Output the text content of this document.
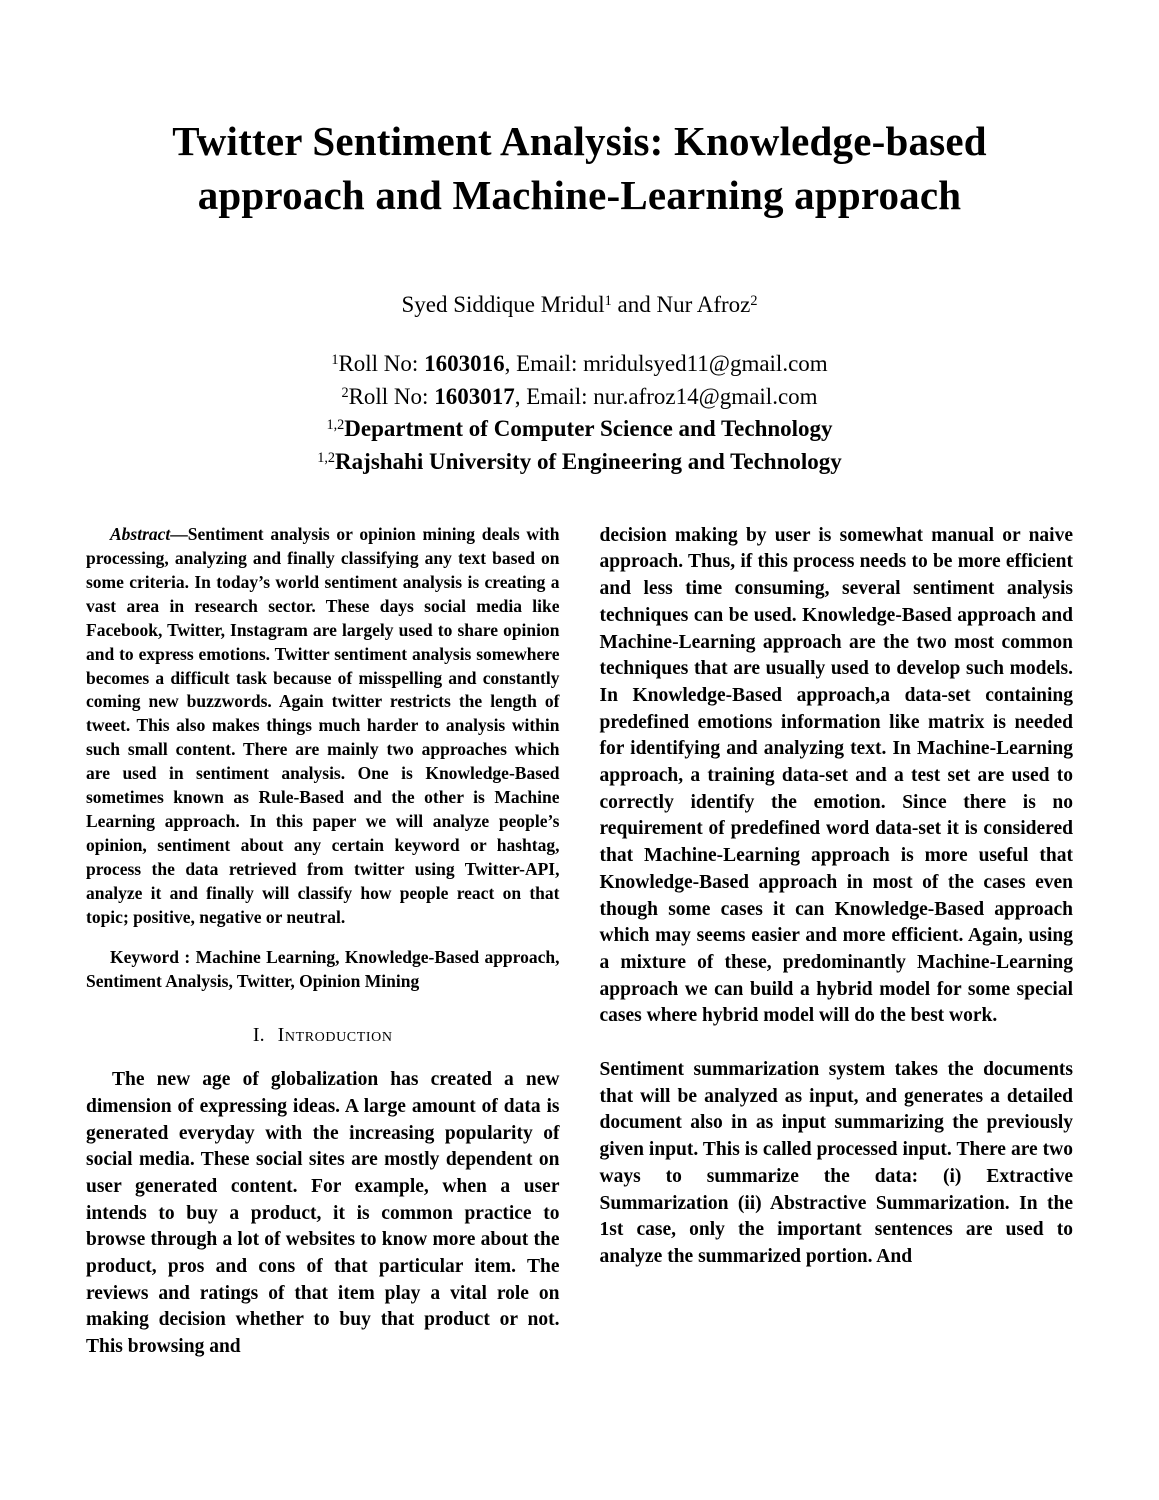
Twitter Sentiment Analysis: Knowledge-based
approach and Machine-Learning approach
Syed Siddique Mridul$^1$ and Nur Afroz$^2$
$^1$Roll No: 1603016, Email: mridulsyed11@gmail.com
$^2$Roll No: 1603017, Email: nur.afroz14@gmail.com
$^{1,2}$Department of Computer Science and Technology
$^{1,2}$Rajshahi University of Engineering and Technology

Abstract—Sentiment analysis or opinion mining deals with processing, analyzing and finally classifying any text based on some criteria. In today’s world sentiment analysis is creating a vast area in research sector. These days social media like Facebook, Twitter, Instagram are largely used to share opinion and to express emotions. Twitter sentiment analysis somewhere becomes a difficult task because of misspelling and constantly coming new buzzwords. Again twitter restricts the length of tweet. This also makes things much harder to analysis within such small content. There are mainly two approaches which are used in sentiment analysis. One is Knowledge-Based sometimes known as Rule-Based and the other is Machine Learning approach. In this paper we will analyze people’s opinion, sentiment about any certain keyword or hashtag, process the data retrieved from twitter using Twitter-API, analyze it and finally will classify how people react on that topic; positive, negative or neutral.

Keyword : Machine Learning, Knowledge-Based approach, Sentiment Analysis, Twitter, Opinion Mining

I. Introduction

The new age of globalization has created a new dimension of expressing ideas. A large amount of data is generated everyday with the increasing popularity of social media. These social sites are mostly dependent on user generated content. For example, when a user intends to buy a product, it is common practice to browse through a lot of websites to know more about the product, pros and cons of that particular item. The reviews and ratings of that item play a vital role on making decision whether to buy that product or not. This browsing and

decision making by user is somewhat manual or naive approach. Thus, if this process needs to be more efficient and less time consuming, several sentiment analysis techniques can be used. Knowledge-Based approach and Machine-Learning approach are the two most common techniques that are usually used to develop such models. In Knowledge-Based approach,a data-set containing predefined emotions information like matrix is needed for identifying and analyzing text. In Machine-Learning approach, a training data-set and a test set are used to correctly identify the emotion. Since there is no requirement of predefined word data-set it is considered that Machine-Learning approach is more useful that Knowledge-Based approach in most of the cases even though some cases it can Knowledge-Based approach which may seems easier and more efficient. Again, using a mixture of these, predominantly Machine-Learning approach we can build a hybrid model for some special cases where hybrid model will do the best work.

Sentiment summarization system takes the documents that will be analyzed as input, and generates a detailed document also in as input summarizing the previously given input. This is called processed input. There are two ways to summarize the data: (i) Extractive Summarization (ii) Abstractive Summarization. In the 1st case, only the important sentences are used to analyze the summarized portion. And
